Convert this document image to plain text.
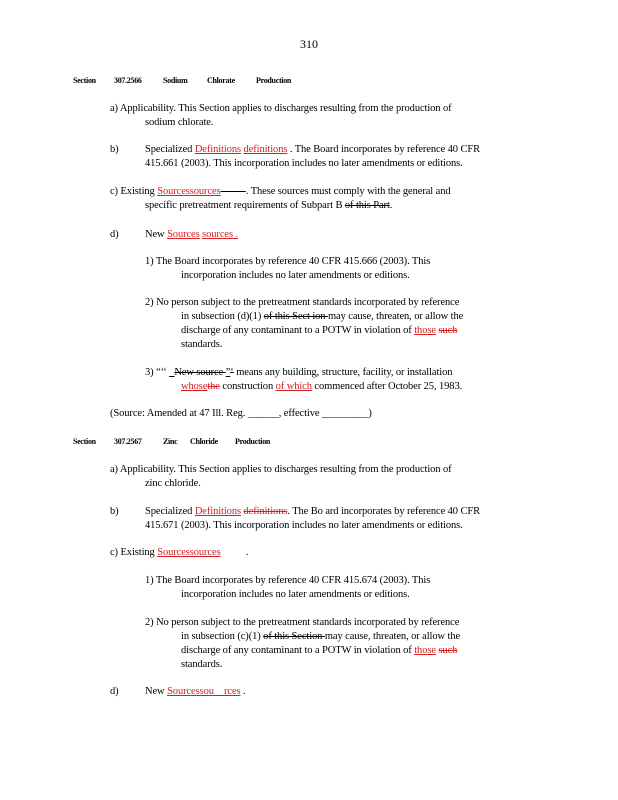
310
Section 307.2566	Sodium Chlorate	Production
a) Applicability. This Section applies to discharges resulting from the production of
sodium chlorate.
b)	Specialized Definitions definitions . The Board incorporates by reference 40 CFR
415.661 (2003). This incorporation includes no later amendments or editions.
c) Existing Sourcessources . These sources must comply with the general and
specific pretreatment requirements of Subpart B of this Part.
d)	New Sources sources .
1) The Board incorporates by reference 40 CFR 415.666 (2003). This
incorporation includes no later amendments or editions.
2) No person subject to the pretreatment standards incorporated by reference
in subsection (d)(1) of this Sect ion may cause, threaten, or allow the
discharge of any contaminant to a POTW in violation of those such
standards.
3) “‘‘ _New source ”‘ means any building, structure, facility, or installation
whosethe construction of which commenced after October 25, 1983.
(Source: Amended at 47 Ill. Reg. ______, effective _________)
Section 307.2567	Zinc Chloride Production
a) Applicability. This Section applies to discharges resulting from the production of
zinc chloride.
b)	Specialized Definitions definitions. The Bo ard incorporates by reference 40 CFR
415.671 (2003). This incorporation includes no later amendments or editions.
c) Existing Sourcessources          .
1) The Board incorporates by reference 40 CFR 415.674 (2003). This
incorporation includes no later amendments or editions.
2) No person subject to the pretreatment standards incorporated by reference
in subsection (c)(1) of this Section may cause, threaten, or allow the
discharge of any contaminant to a POTW in violation of those such
standards.
d)	New Sourcessou rces .
